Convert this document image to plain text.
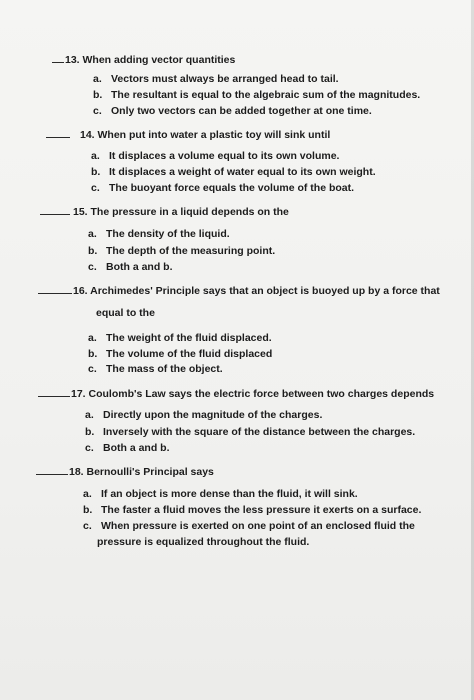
13. When adding vector quantities
a. Vectors must always be arranged head to tail.
b. The resultant is equal to the algebraic sum of the magnitudes.
c. Only two vectors can be added together at one time.
14. When put into water a plastic toy will sink until
a. It displaces a volume equal to its own volume.
b. It displaces a weight of water equal to its own weight.
c. The buoyant force equals the volume of the boat.
15. The pressure in a liquid depends on the
a. The density of the liquid.
b. The depth of the measuring point.
c. Both a and b.
16. Archimedes' Principle says that an object is buoyed up by a force that
equal to the
a. The weight of the fluid displaced.
b. The volume of the fluid displaced
c. The mass of the object.
17. Coulomb's Law says the electric force between two charges depends
a. Directly upon the magnitude of the charges.
b. Inversely with the square of the distance between the charges.
c. Both a and b.
18. Bernoulli's Principal says
a. If an object is more dense than the fluid, it will sink.
b. The faster a fluid moves the less pressure it exerts on a surface.
c. When pressure is exerted on one point of an enclosed fluid the
pressure is equalized throughout the fluid.
